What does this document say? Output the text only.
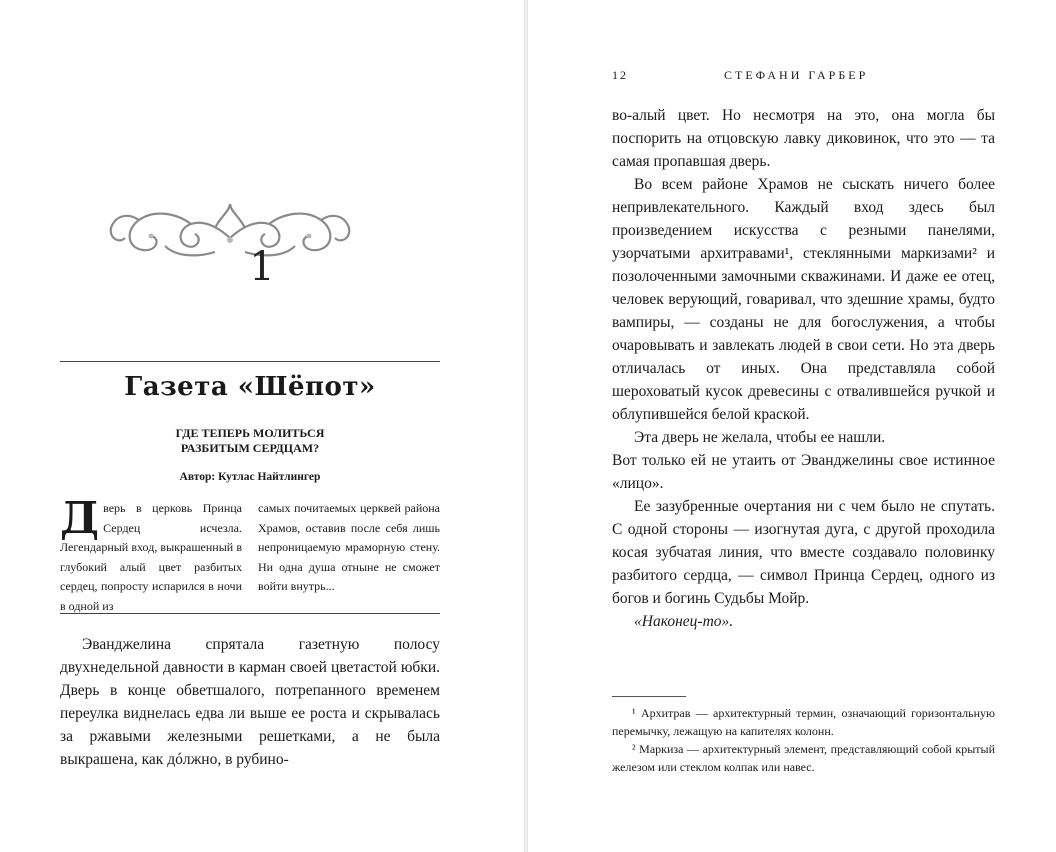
1
Газета «Шёпот»
ГДЕ ТЕПЕРЬ МОЛИТЬСЯ
РАЗБИТЫМ СЕРДЦАМ?
Автор: Кутлас Найтлингер
Дверь в церковь Принца Сердец исчезла. Легендарный вход, выкрашенный в глубокий алый цвет разбитых сердец, попросту испарился в ночи в одной из
самых почитаемых церквей района Храмов, оставив после себя лишь непроницаемую мраморную стену. Ни одна душа отныне не сможет войти внутрь...

Эванджелина спрятала газетную полосу двухнедельной давности в карман своей цветастой юбки. Дверь в конце обветшалого, потрепанного временем переулка виднелась едва ли выше ее роста и скрывалась за ржавыми железными решетками, а не была выкрашена, как дóлжно, в рубино-

12	СТЕФАНИ ГАРБЕР

во-алый цвет. Но несмотря на это, она могла бы поспорить на отцовскую лавку диковинок, что это — та самая пропавшая дверь.

Во всем районе Храмов не сыскать ничего более непривлекательного. Каждый вход здесь был произведением искусства с резными панелями, узорчатыми архитравами¹, стеклянными маркизами² и позолоченными замочными скважинами. И даже ее отец, человек верующий, говаривал, что здешние храмы, будто вампиры, — созданы не для богослужения, а чтобы очаровывать и завлекать людей в свои сети. Но эта дверь отличалась от иных. Она представляла собой шероховатый кусок древесины с отвалившейся ручкой и облупившейся белой краской.

Эта дверь не желала, чтобы ее нашли.

Вот только ей не утаить от Эванджелины свое истинное «лицо».

Ее зазубренные очертания ни с чем было не спутать. С одной стороны — изогнутая дуга, с другой проходила косая зубчатая линия, что вместе создавало половинку разбитого сердца, — символ Принца Сердец, одного из богов и богинь Судьбы Мойр.

«Наконец-то».

¹ Архитрав — архитектурный термин, означающий горизонтальную перемычку, лежащую на капителях колонн.

² Маркиза — архитектурный элемент, представляющий собой крытый железом или стеклом колпак или навес.
